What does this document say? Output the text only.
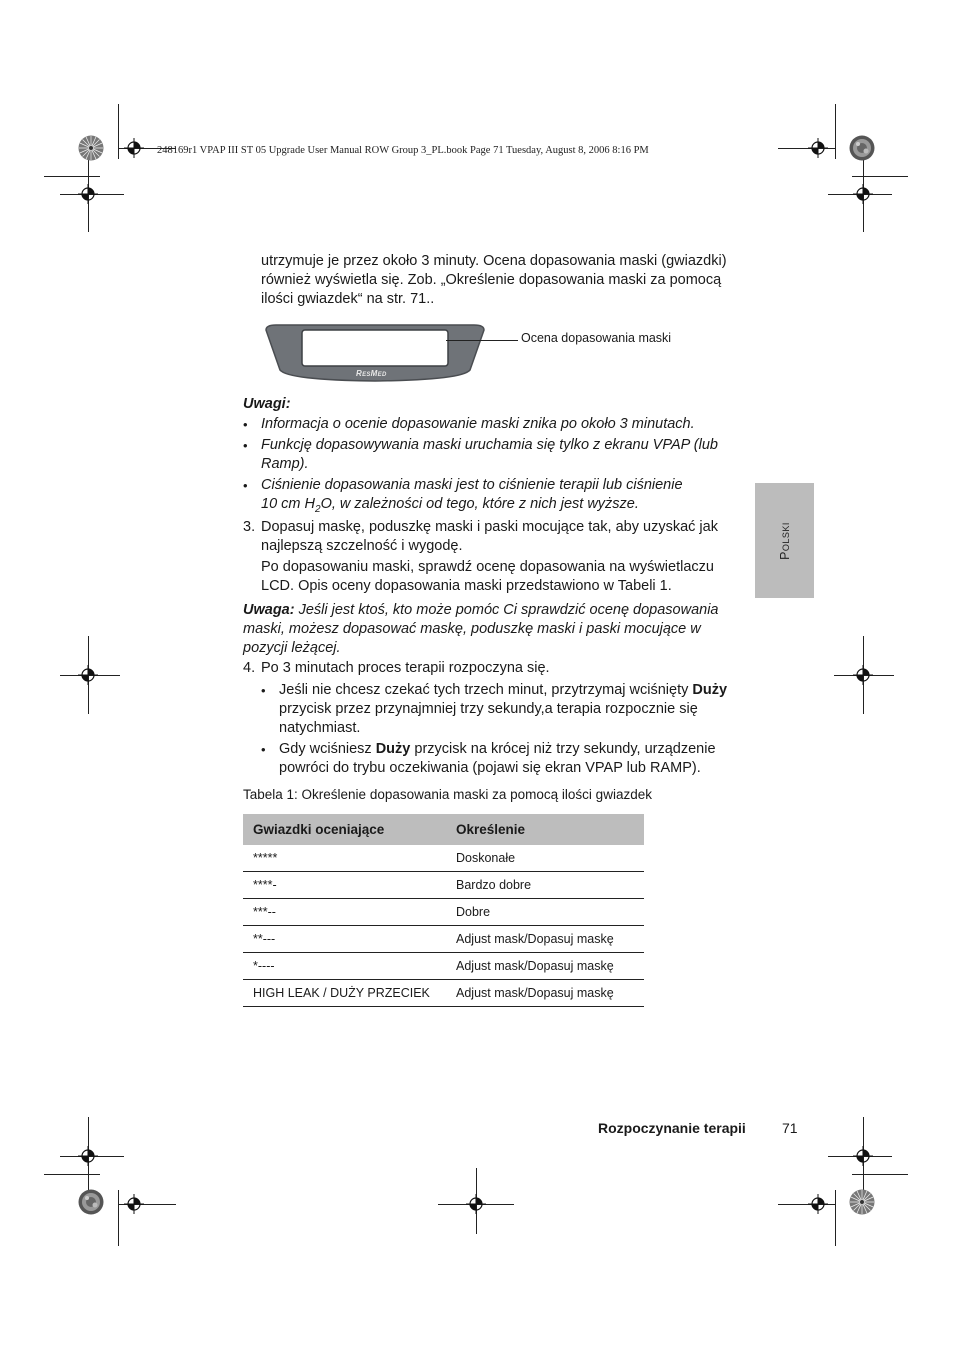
248169r1 VPAP III ST 05 Upgrade User Manual ROW Group 3_PL.book Page 71 Tuesday, August 8, 2006 8:16 PM

utrzymuje je przez około 3 minuty. Ocena dopasowania maski (gwiazdki) również wyświetla się. Zob. „Określenie dopasowania maski za pomocą ilości gwiazdek“ na str. 71..

ResMed
Ocena dopasowania maski
Uwagi:
• Informacja o ocenie dopasowanie maski znika po około 3 minutach.
• Funkcję dopasowywania maski uruchamia się tylko z ekranu VPAP (lub Ramp).
• Ciśnienie dopasowania maski jest to ciśnienie terapii lub ciśnienie
10 cm $H_2O$, w zależności od tego, które z nich jest wyższe.
3. Dopasuj maskę, poduszkę maski i paski mocujące tak, aby uzyskać jak najlepszą szczelność i wygodę.

Po dopasowaniu maski, sprawdź ocenę dopasowania na wyświetlaczu LCD. Opis oceny dopasowania maski przedstawiono w Tabeli 1.

Uwaga: Jeśli jest ktoś, kto może pomóc Ci sprawdzić ocenę dopasowania maski, możesz dopasować maskę, poduszkę maski i paski mocujące w pozycji leżącej.

4. Po 3 minutach proces terapii rozpoczyna się.

• Jeśli nie chcesz czekać tych trzech minut, przytrzymaj wciśnięty Duży przycisk przez przynajmniej trzy sekundy,a terapia rozpocznie się natychmiast.
• Gdy wciśniesz Duży przycisk na krócej niż trzy sekundy, urządzenie powróci do trybu oczekiwania (pojawi się ekran VPAP lub RAMP).
Tabela 1: Określenie dopasowania maski za pomocą ilości gwiazdek
Gwiazdki oceniające	Określenie
*****	Doskonałe
****-	Bardzo dobre
***--	Dobre
**---	Adjust mask/Dopasuj maskę
*----	Adjust mask/Dopasuj maskę
HIGH LEAK / DUŻY PRZECIEK	Adjust mask/Dopasuj maskę
Polski
Rozpoczynanie terapii	71
